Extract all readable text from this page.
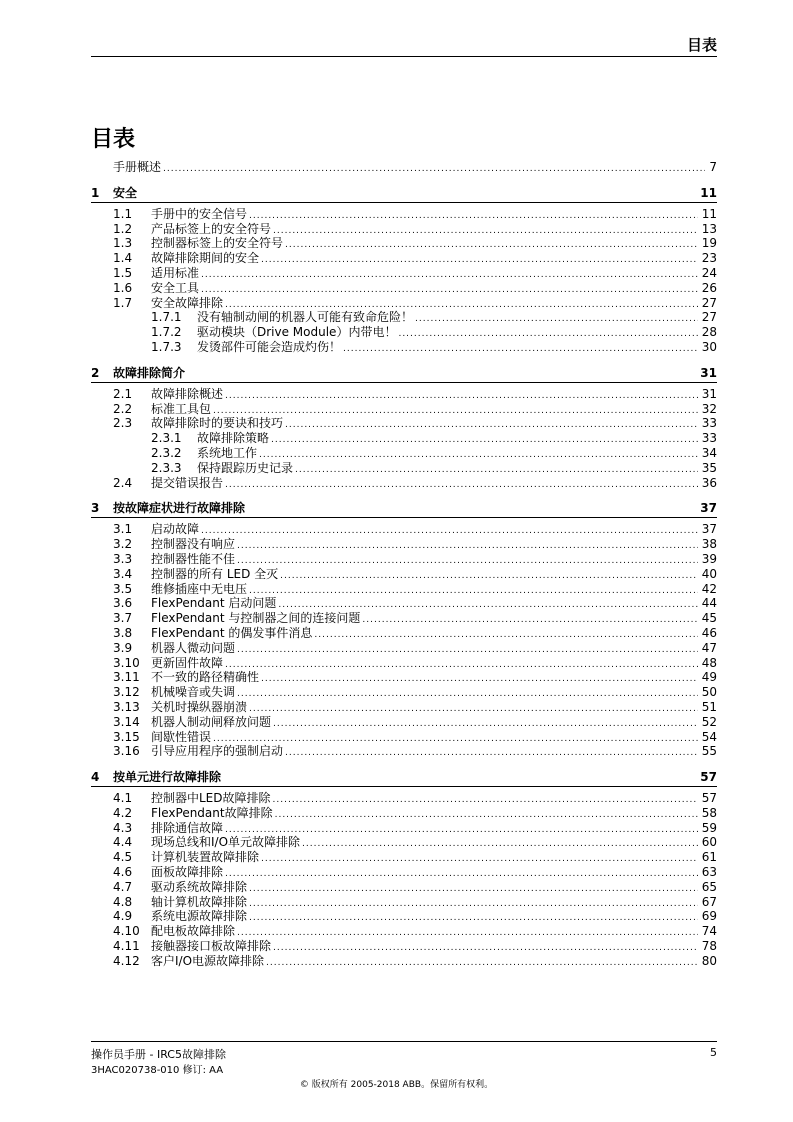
目表
目表
手册概述 .....	7
1 安全	11
1.1 手册中的安全信号 .....	11
1.2 产品标签上的安全符号 .....	13
1.3 控制器标签上的安全符号 .....	19
1.4 故障排除期间的安全 .....	23
1.5 适用标准 .....	24
1.6 安全工具 .....	26
1.7 安全故障排除 .....	27
1.7.1 没有轴制动闸的机器人可能有致命危险！ .....	27
1.7.2 驱动模块（Drive Module）内带电！ .....	28
1.7.3 发烫部件可能会造成灼伤！ .....	30
2 故障排除简介	31
2.1 故障排除概述 .....	31
2.2 标准工具包 .....	32
2.3 故障排除时的要诀和技巧 .....	33
2.3.1 故障排除策略 .....	33
2.3.2 系统地工作 .....	34
2.3.3 保持跟踪历史记录 .....	35
2.4 提交错误报告 .....	36
3 按故障症状进行故障排除	37
3.1 启动故障 .....	37
3.2 控制器没有响应 .....	38
3.3 控制器性能不佳 .....	39
3.4 控制器的所有 LED 全灭 .....	40
3.5 维修插座中无电压 .....	42
3.6 FlexPendant 启动问题 .....	44
3.7 FlexPendant 与控制器之间的连接问题 .....	45
3.8 FlexPendant 的偶发事件消息 .....	46
3.9 机器人微动问题 .....	47
3.10 更新固件故障 .....	48
3.11 不一致的路径精确性 .....	49
3.12 机械噪音或失调 .....	50
3.13 关机时操纵器崩溃 .....	51
3.14 机器人制动闸释放问题 .....	52
3.15 间歇性错误 .....	54
3.16 引导应用程序的强制启动 .....	55
4 按单元进行故障排除	57
4.1 控制器中LED故障排除 .....	57
4.2 FlexPendant故障排除 .....	58
4.3 排除通信故障 .....	59
4.4 现场总线和I/O单元故障排除 .....	60
4.5 计算机装置故障排除 .....	61
4.6 面板故障排除 .....	63
4.7 驱动系统故障排除 .....	65
4.8 轴计算机故障排除 .....	67
4.9 系统电源故障排除 .....	69
4.10 配电板故障排除 .....	74
4.11 接触器接口板故障排除 .....	78
4.12 客户I/O电源故障排除 .....	80
操作员手册 - IRC5故障排除
3HAC020738-010 修订: AA
5
© 版权所有 2005-2018 ABB。保留所有权利。
